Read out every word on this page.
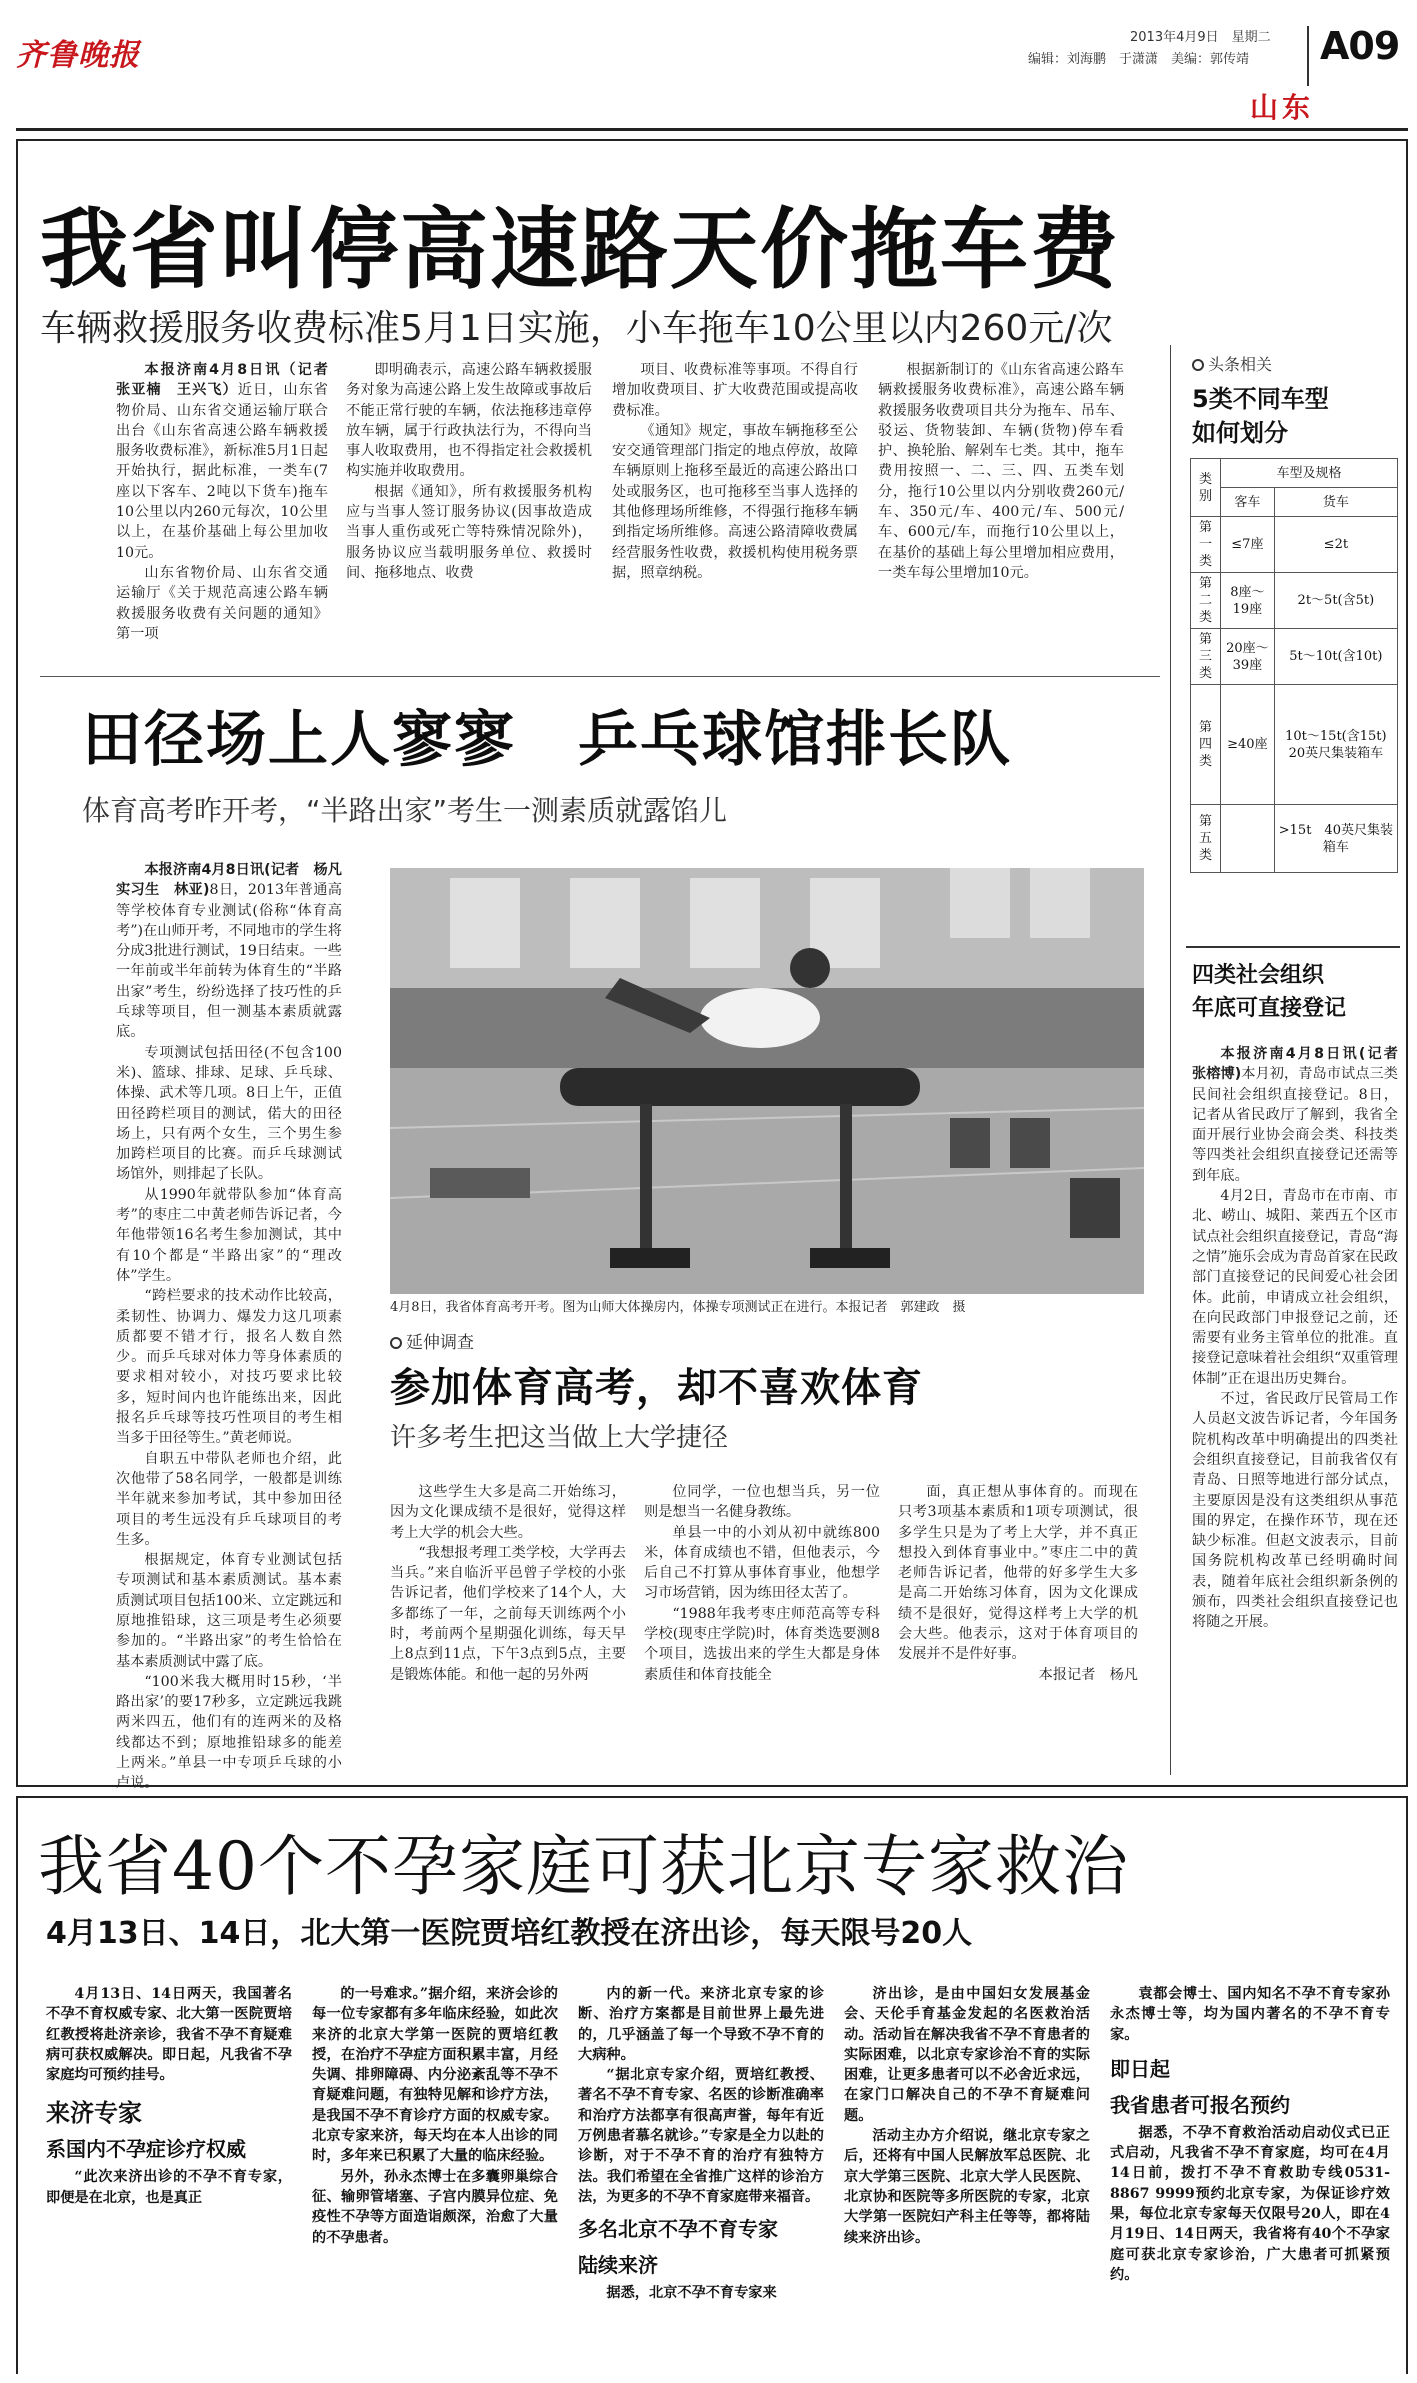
齐鲁晚报
2013年4月9日　星期二
编辑：刘海鹏　于潇潇　美编：郭传靖 A09
山东
我省叫停高速路天价拖车费
车辆救援服务收费标准5月1日实施，小车拖车10公里以内260元/次

本报济南4月8日讯（记者　张亚楠　王兴飞）近日，山东省物价局、山东省交通运输厅联合出台《山东省高速公路车辆救援服务收费标准》，新标准5月1日起开始执行，据此标准，一类车(7座以下客车、2吨以下货车)拖车10公里以内260元每次，10公里以上，在基价基础上每公里加收10元。

山东省物价局、山东省交通运输厅《关于规范高速公路车辆救援服务收费有关问题的通知》第一项

即明确表示，高速公路车辆救援服务对象为高速公路上发生故障或事故后不能正常行驶的车辆，依法拖移违章停放车辆，属于行政执法行为，不得向当事人收取费用，也不得指定社会救援机构实施并收取费用。

根据《通知》，所有救援服务机构应与当事人签订服务协议(因事故造成当事人重伤或死亡等特殊情况除外)，服务协议应当载明服务单位、救援时间、拖移地点、收费

项目、收费标准等事项。不得自行增加收费项目、扩大收费范围或提高收费标准。

《通知》规定，事故车辆拖移至公安交通管理部门指定的地点停放，故障车辆原则上拖移至最近的高速公路出口处或服务区，也可拖移至当事人选择的其他修理场所维修，不得强行拖移车辆到指定场所维修。高速公路清障收费属经营服务性收费，救援机构使用税务票据，照章纳税。

根据新制订的《山东省高速公路车辆救援服务收费标准》，高速公路车辆救援服务收费项目共分为拖车、吊车、驳运、货物装卸、车辆(货物)停车看护、换轮胎、解剁车七类。其中，拖车费用按照一、二、三、四、五类车划分，拖行10公里以内分别收费260元/车、350元/车、400元/车、500元/车、600元/车，而拖行10公里以上，在基价的基础上每公里增加相应费用，一类车每公里增加10元。

头条相关
5类不同车型
如何划分
类别	车型及规格	
	客车	货车
第一类	≤7座	≤2t
第二类	8座～19座	2t～5t(含5t)
第三类	20座～39座	5t～10t(含10t)
第四类	≥40座	10t～15t(含15t)　20英尺集装箱车
第五类		>15t　40英尺集装箱车
四类社会组织
年底可直接登记

本报济南4月8日讯(记者　张榕博)本月初，青岛市试点三类民间社会组织直接登记。8日，记者从省民政厅了解到，我省全面开展行业协会商会类、科技类等四类社会组织直接登记还需等到年底。

4月2日，青岛市在市南、市北、崂山、城阳、莱西五个区市试点社会组织直接登记，青岛“海之情”施乐会成为青岛首家在民政部门直接登记的民间爱心社会团体。此前，申请成立社会组织，在向民政部门申报登记之前，还需要有业务主管单位的批准。直接登记意味着社会组织“双重管理体制”正在退出历史舞台。

不过，省民政厅民管局工作人员赵文波告诉记者，今年国务院机构改革中明确提出的四类社会组织直接登记，目前我省仅有青岛、日照等地进行部分试点，主要原因是没有这类组织从事范围的界定，在操作环节，现在还缺少标准。但赵文波表示，目前国务院机构改革已经明确时间表，随着年底社会组织新条例的颁布，四类社会组织直接登记也将随之开展。

田径场上人寥寥　乒乓球馆排长队
体育高考昨开考，“半路出家”考生一测素质就露馅儿

本报济南4月8日讯(记者　杨凡　实习生　林亚)8日，2013年普通高等学校体育专业测试(俗称“体育高考”)在山师开考，不同地市的学生将分成3批进行测试，19日结束。一些一年前或半年前转为体育生的“半路出家”考生，纷纷选择了技巧性的乒乓球等项目，但一测基本素质就露底。

专项测试包括田径(不包含100米)、篮球、排球、足球、乒乓球、体操、武术等几项。8日上午，正值田径跨栏项目的测试，偌大的田径场上，只有两个女生，三个男生参加跨栏项目的比赛。而乒乓球测试场馆外，则排起了长队。

从1990年就带队参加“体育高考”的枣庄二中黄老师告诉记者，今年他带领16名考生参加测试，其中有10个都是“半路出家”的“理改体”学生。

“跨栏要求的技术动作比较高，柔韧性、协调力、爆发力这几项素质都要不错才行，报名人数自然少。而乒乓球对体力等身体素质的要求相对较小，对技巧要求比较多，短时间内也许能练出来，因此报名乒乓球等技巧性项目的考生相当多于田径等生。”黄老师说。

自职五中带队老师也介绍，此次他带了58名同学，一般都是训练半年就来参加考试，其中参加田径项目的考生远没有乒乓球项目的考生多。

根据规定，体育专业测试包括专项测试和基本素质测试。基本素质测试项目包括100米、立定跳远和原地推铅球，这三项是考生必须要参加的。“半路出家”的考生恰恰在基本素质测试中露了底。

“100米我大概用时15秒，‘半路出家’的要17秒多，立定跳远我跳两米四五，他们有的连两米的及格线都达不到；原地推铅球多的能差上两米。”单县一中专项乒乓球的小卢说。

4月8日，我省体育高考开考。图为山师大体操房内，体操专项测试正在进行。本报记者　郭建政　摄
延伸调查
参加体育高考，却不喜欢体育
许多考生把这当做上大学捷径

这些学生大多是高二开始练习，因为文化课成绩不是很好，觉得这样考上大学的机会大些。

“我想报考理工类学校，大学再去当兵。”来自临沂平邑曾子学校的小张告诉记者，他们学校来了14个人，大多都练了一年，之前每天训练两个小时，考前两个星期强化训练，每天早上8点到11点，下午3点到5点，主要是锻炼体能。和他一起的另外两

位同学，一位也想当兵，另一位则是想当一名健身教练。

单县一中的小刘从初中就练800米，体育成绩也不错，但他表示，今后自己不打算从事体育事业，他想学习市场营销，因为练田径太苦了。

“1988年我考枣庄师范高等专科学校(现枣庄学院)时，体育类选要测8个项目，选拔出来的学生大都是身体素质佳和体育技能全

面，真正想从事体育的。而现在只考3项基本素质和1项专项测试，很多学生只是为了考上大学，并不真正想投入到体育事业中。”枣庄二中的黄老师告诉记者，他带的好多学生大多是高二开始练习体育，因为文化课成绩不是很好，觉得这样考上大学的机会大些。他表示，这对于体育项目的发展并不是件好事。

本报记者　杨凡

我省40个不孕家庭可获北京专家救治
4月13日、14日，北大第一医院贾培红教授在济出诊，每天限号20人

4月13日、14日两天，我国著名不孕不育权威专家、北大第一医院贾培红教授将赴济亲诊，我省不孕不育疑难病可获权威解决。即日起，凡我省不孕家庭均可预约挂号。

来济专家
系国内不孕症诊疗权威

“此次来济出诊的不孕不育专家，即便是在北京，也是真正

的一号难求。”据介绍，来济会诊的每一位专家都有多年临床经验，如此次来济的北京大学第一医院的贾培红教授，在治疗不孕症方面积累丰富，月经失调、排卵障碍、内分泌紊乱等不孕不育疑难问题，有独特见解和诊疗方法，是我国不孕不育诊疗方面的权威专家。北京专家来济，每天均在本人出诊的同时，多年来已积累了大量的临床经验。

另外，孙永杰博士在多囊卵巢综合征、输卵管堵塞、子宫内膜异位症、免疫性不孕等方面造诣颇深，治愈了大量的不孕患者。

内的新一代。来济北京专家的诊断、治疗方案都是目前世界上最先进的，几乎涵盖了每一个导致不孕不育的大病种。

“据北京专家介绍，贾培红教授、著名不孕不育专家、名医的诊断准确率和治疗方法都享有很高声誉，每年有近万例患者慕名就诊。”专家是全力以赴的诊断，对于不孕不育的治疗有独特方法。我们希望在全省推广这样的诊治方法，为更多的不孕不育家庭带来福音。

多名北京不孕不育专家
陆续来济

据悉，北京不孕不育专家来

济出诊，是由中国妇女发展基金会、天伦手育基金发起的名医救治活动。活动旨在解决我省不孕不育患者的实际困难，以北京专家诊治不育的实际困难，让更多患者可以不必舍近求远，在家门口解决自己的不孕不育疑难问题。

活动主办方介绍说，继北京专家之后，还将有中国人民解放军总医院、北京大学第三医院、北京大学人民医院、北京协和医院等多所医院的专家，北京大学第一医院妇产科主任等等，都将陆续来济出诊。

袁都会博士、国内知名不孕不育专家孙永杰博士等，均为国内著名的不孕不育专家。

即日起
我省患者可报名预约

据悉，不孕不育救治活动启动仪式已正式启动，凡我省不孕不育家庭，均可在4月14日前，拨打不孕不育救助专线0531-8867 9999预约北京专家，为保证诊疗效果，每位北京专家每天仅限号20人，即在4月19日、14日两天，我省将有40个不孕家庭可获北京专家诊治，广大患者可抓紧预约。
